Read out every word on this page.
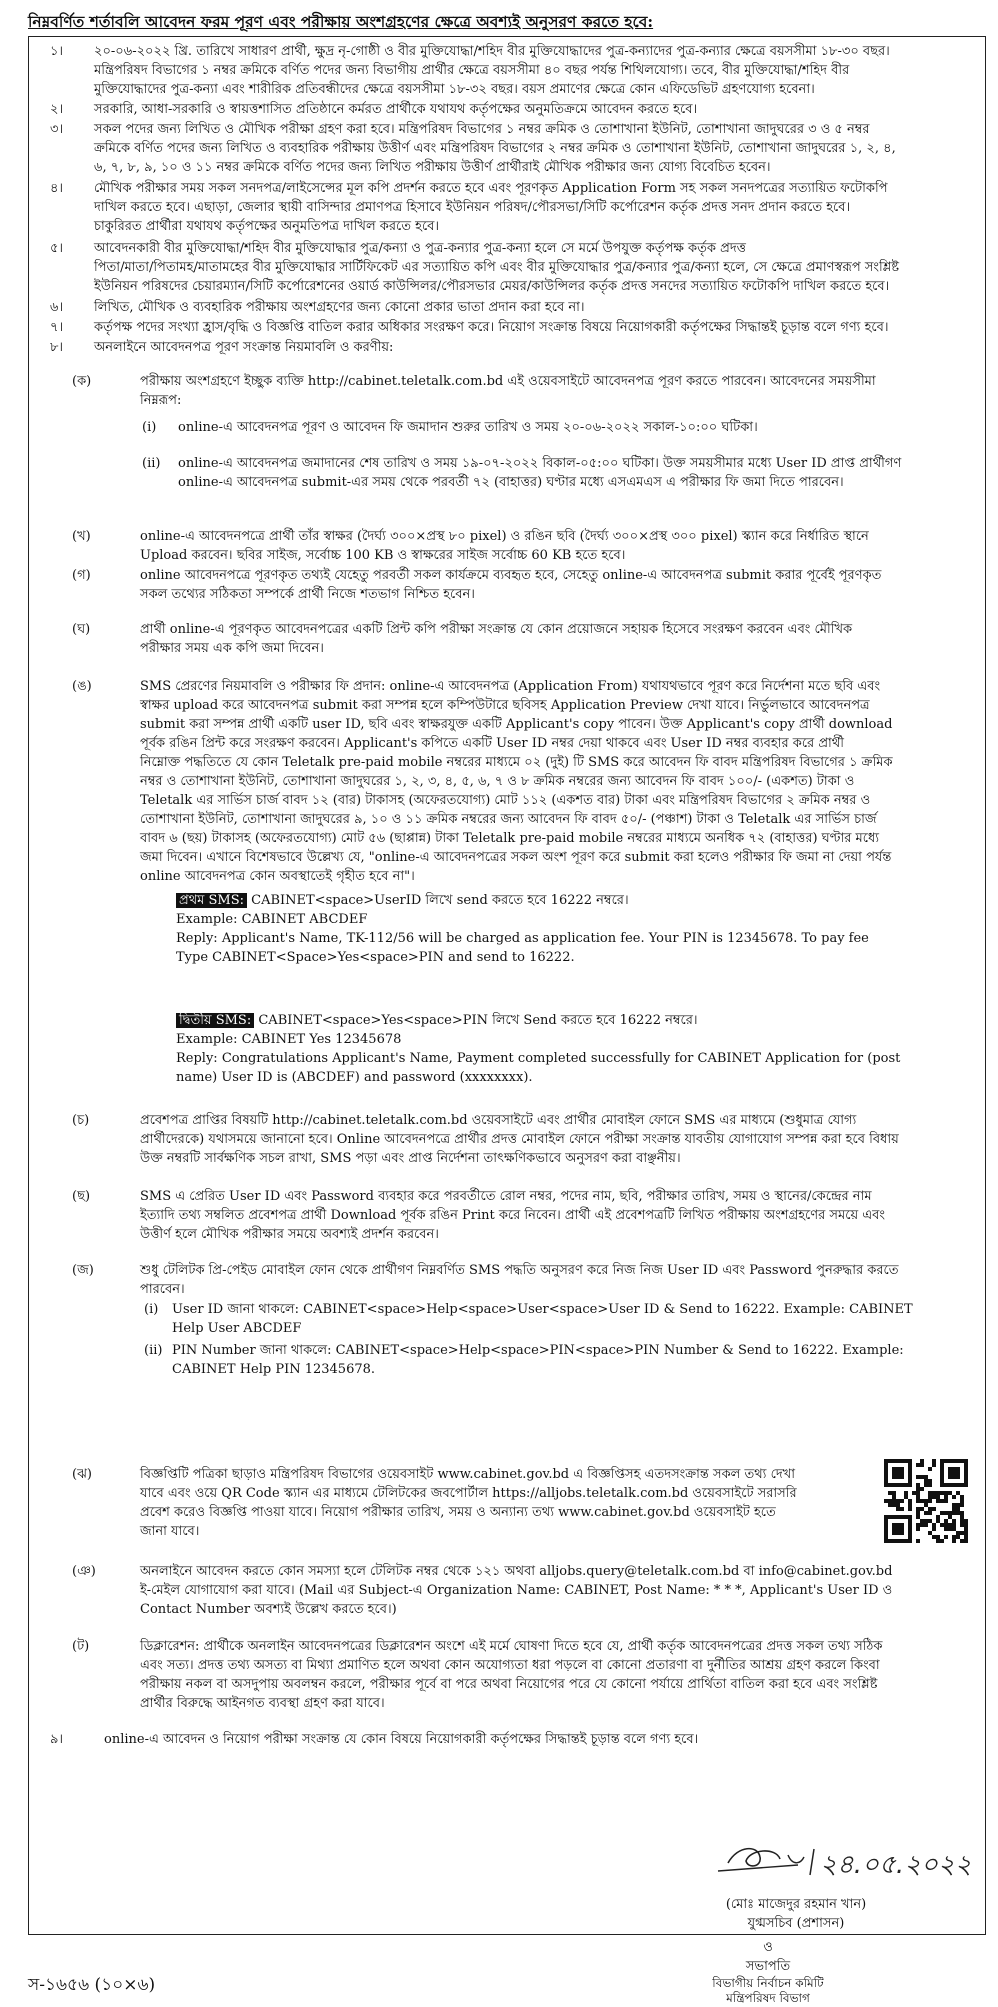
নিম্নবর্ণিত শর্তাবলি আবেদন ফরম পূরণ এবং পরীক্ষায় অংশগ্রহণের ক্ষেত্রে অবশ্যই অনুসরণ করতে হবে:
১। ২০-০৬-২০২২ খ্রি. তারিখে সাধারণ প্রার্থী, ক্ষুদ্র নৃ-গোষ্ঠী ও বীর মুক্তিযোদ্ধা/শহিদ বীর মুক্তিযোদ্ধাদের পুত্র-কন্যাদের পুত্র-কন্যার ক্ষেত্রে বয়সসীমা ১৮-৩০ বছর।
মন্ত্রিপরিষদ বিভাগের ১ নম্বর ক্রমিকে বর্ণিত পদের জন্য বিভাগীয় প্রার্থীর ক্ষেত্রে বয়সসীমা ৪০ বছর পর্যন্ত শিথিলযোগ্য। তবে, বীর মুক্তিযোদ্ধা/শহিদ বীর
মুক্তিযোদ্ধাদের পুত্র-কন্যা এবং শারীরিক প্রতিবন্ধীদের ক্ষেত্রে বয়সসীমা ১৮-৩২ বছর। বয়স প্রমাণের ক্ষেত্রে কোন এফিডেভিট গ্রহণযোগ্য হবেনা।
২। সরকারি, আধা-সরকারি ও স্বায়ত্তশাসিত প্রতিষ্ঠানে কর্মরত প্রার্থীকে যথাযথ কর্তৃপক্ষের অনুমতিক্রমে আবেদন করতে হবে।
৩। সকল পদের জন্য লিখিত ও মৌখিক পরীক্ষা গ্রহণ করা হবে। মন্ত্রিপরিষদ বিভাগের ১ নম্বর ক্রমিক ও তোশাখানা ইউনিট, তোশাখানা জাদুঘরের ৩ ও ৫ নম্বর
ক্রমিকে বর্ণিত পদের জন্য লিখিত ও ব্যবহারিক পরীক্ষায় উত্তীর্ণ এবং মন্ত্রিপরিষদ বিভাগের ২ নম্বর ক্রমিক ও তোশাখানা ইউনিট, তোশাখানা জাদুঘরের ১, ২, ৪,
৬, ৭, ৮, ৯, ১০ ও ১১ নম্বর ক্রমিকে বর্ণিত পদের জন্য লিখিত পরীক্ষায় উত্তীর্ণ প্রার্থীরাই মৌখিক পরীক্ষার জন্য যোগ্য বিবেচিত হবেন।
৪। মৌখিক পরীক্ষার সময় সকল সনদপত্র/লাইসেন্সের মূল কপি প্রদর্শন করতে হবে এবং পূরণকৃত Application Form সহ সকল সনদপত্রের সত্যায়িত ফটোকপি
দাখিল করতে হবে। এছাড়া, জেলার স্থায়ী বাসিন্দার প্রমাণপত্র হিসাবে ইউনিয়ন পরিষদ/পৌরসভা/সিটি কর্পোরেশন কর্তৃক প্রদত্ত সনদ প্রদান করতে হবে।
চাকুরিরত প্রার্থীরা যথাযথ কর্তৃপক্ষের অনুমতিপত্র দাখিল করতে হবে।
৫। আবেদনকারী বীর মুক্তিযোদ্ধা/শহিদ বীর মুক্তিযোদ্ধার পুত্র/কন্যা ও পুত্র-কন্যার পুত্র-কন্যা হলে সে মর্মে উপযুক্ত কর্তৃপক্ষ কর্তৃক প্রদত্ত
পিতা/মাতা/পিতামহ/মাতামহের বীর মুক্তিযোদ্ধার সার্টিফিকেট এর সত্যায়িত কপি এবং বীর মুক্তিযোদ্ধার পুত্র/কন্যার পুত্র/কন্যা হলে, সে ক্ষেত্রে প্রমাণস্বরূপ সংশ্লিষ্ট
ইউনিয়ন পরিষদের চেয়ারম্যান/সিটি কর্পোরেশনের ওয়ার্ড কাউন্সিলর/পৌরসভার মেয়র/কাউন্সিলর কর্তৃক প্রদত্ত সনদের সত্যায়িত ফটোকপি দাখিল করতে হবে।
৬। লিখিত, মৌখিক ও ব্যবহারিক পরীক্ষায় অংশগ্রহণের জন্য কোনো প্রকার ভাতা প্রদান করা হবে না।
৭। কর্তৃপক্ষ পদের সংখ্যা হ্রাস/বৃদ্ধি ও বিজ্ঞপ্তি বাতিল করার অধিকার সংরক্ষণ করে। নিয়োগ সংক্রান্ত বিষয়ে নিয়োগকারী কর্তৃপক্ষের সিদ্ধান্তই চূড়ান্ত বলে গণ্য হবে।
৮। অনলাইনে আবেদনপত্র পূরণ সংক্রান্ত নিয়মাবলি ও করণীয়:
(ক)	পরীক্ষায় অংশগ্রহণে ইচ্ছুক ব্যক্তি http://cabinet.teletalk.com.bd এই ওয়েবসাইটে আবেদনপত্র পূরণ করতে পারবেন। আবেদনের সময়সীমা
নিম্নরূপ:
(i) online-এ আবেদনপত্র পূরণ ও আবেদন ফি জমাদান শুরুর তারিখ ও সময় ২০-০৬-২০২২ সকাল-১০:০০ ঘটিকা।
(ii) online-এ আবেদনপত্র জমাদানের শেষ তারিখ ও সময় ১৯-০৭-২০২২ বিকাল-০৫:০০ ঘটিকা। উক্ত সময়সীমার মধ্যে User ID প্রাপ্ত প্রার্থীগণ
online-এ আবেদনপত্র submit-এর সময় থেকে পরবর্তী ৭২ (বাহাত্তর) ঘণ্টার মধ্যে এসএমএস এ পরীক্ষার ফি জমা দিতে পারবেন।
(খ)	online-এ আবেদনপত্রে প্রার্থী তাঁর স্বাক্ষর (দৈর্ঘ্য ৩০০×প্রস্থ ৮০ pixel) ও রঙিন ছবি (দৈর্ঘ্য ৩০০×প্রস্থ ৩০০ pixel) স্ক্যান করে নির্ধারিত স্থানে
Upload করবেন। ছবির সাইজ, সর্বোচ্চ 100 KB ও স্বাক্ষরের সাইজ সর্বোচ্চ 60 KB হতে হবে।
(গ)	online আবেদনপত্রে পূরণকৃত তথ্যই যেহেতু পরবর্তী সকল কার্যক্রমে ব্যবহৃত হবে, সেহেতু online-এ আবেদনপত্র submit করার পূর্বেই পূরণকৃত
সকল তথ্যের সঠিকতা সম্পর্কে প্রার্থী নিজে শতভাগ নিশ্চিত হবেন।
(ঘ)	প্রার্থী online-এ পূরণকৃত আবেদনপত্রের একটি প্রিন্ট কপি পরীক্ষা সংক্রান্ত যে কোন প্রয়োজনে সহায়ক হিসেবে সংরক্ষণ করবেন এবং মৌখিক
পরীক্ষার সময় এক কপি জমা দিবেন।
(ঙ)	SMS প্রেরণের নিয়মাবলি ও পরীক্ষার ফি প্রদান: online-এ আবেদনপত্র (Application From) যথাযথভাবে পূরণ করে নির্দেশনা মতে ছবি এবং
স্বাক্ষর upload করে আবেদনপত্র submit করা সম্পন্ন হলে কম্পিউটারে ছবিসহ Application Preview দেখা যাবে। নির্ভুলভাবে আবেদনপত্র
submit করা সম্পন্ন প্রার্থী একটি user ID, ছবি এবং স্বাক্ষরযুক্ত একটি Applicant's copy পাবেন। উক্ত Applicant's copy প্রার্থী download
পূর্বক রঙিন প্রিন্ট করে সংরক্ষণ করবেন। Applicant's কপিতে একটি User ID নম্বর দেয়া থাকবে এবং User ID নম্বর ব্যবহার করে প্রার্থী
নিম্নোক্ত পদ্ধতিতে যে কোন Teletalk pre-paid mobile নম্বরের মাধ্যমে ০২ (দুই) টি SMS করে আবেদন ফি বাবদ মন্ত্রিপরিষদ বিভাগের ১ ক্রমিক
নম্বর ও তোশাখানা ইউনিট, তোশাখানা জাদুঘরের ১, ২, ৩, ৪, ৫, ৬, ৭ ও ৮ ক্রমিক নম্বরের জন্য আবেদন ফি বাবদ ১০০/- (একশত) টাকা ও
Teletalk এর সার্ভিস চার্জ বাবদ ১২ (বার) টাকাসহ (অফেরতযোগ্য) মোট ১১২ (একশত বার) টাকা এবং মন্ত্রিপরিষদ বিভাগের ২ ক্রমিক নম্বর ও
তোশাখানা ইউনিট, তোশাখানা জাদুঘরের ৯, ১০ ও ১১ ক্রমিক নম্বরের জন্য আবেদন ফি বাবদ ৫০/- (পঞ্চাশ) টাকা ও Teletalk এর সার্ভিস চার্জ
বাবদ ৬ (ছয়) টাকাসহ (অফেরতযোগ্য) মোট ৫৬ (ছাপ্পান্ন) টাকা Teletalk pre-paid mobile নম্বরের মাধ্যমে অনধিক ৭২ (বাহাত্তর) ঘণ্টার মধ্যে
জমা দিবেন। এখানে বিশেষভাবে উল্লেখ্য যে, "online-এ আবেদনপত্রের সকল অংশ পূরণ করে submit করা হলেও পরীক্ষার ফি জমা না দেয়া পর্যন্ত
online আবেদনপত্র কোন অবস্থাতেই গৃহীত হবে না"।
প্রথম SMS: CABINET<space>UserID লিখে send করতে হবে 16222 নম্বরে।
Example: CABINET ABCDEF
Reply: Applicant's Name, TK-112/56 will be charged as application fee. Your PIN is 12345678. To pay fee
Type CABINET<Space>Yes<space>PIN and send to 16222.
দ্বিতীয় SMS: CABINET<space>Yes<space>PIN লিখে Send করতে হবে 16222 নম্বরে।
Example: CABINET Yes 12345678
Reply: Congratulations Applicant's Name, Payment completed successfully for CABINET Application for (post
name) User ID is (ABCDEF) and password (xxxxxxxx).
(চ)	প্রবেশপত্র প্রাপ্তির বিষয়টি http://cabinet.teletalk.com.bd ওয়েবসাইটে এবং প্রার্থীর মোবাইল ফোনে SMS এর মাধ্যমে (শুধুমাত্র যোগ্য
প্রার্থীদেরকে) যথাসময়ে জানানো হবে। Online আবেদনপত্রে প্রার্থীর প্রদত্ত মোবাইল ফোনে পরীক্ষা সংক্রান্ত যাবতীয় যোগাযোগ সম্পন্ন করা হবে বিধায়
উক্ত নম্বরটি সার্বক্ষণিক সচল রাখা, SMS পড়া এবং প্রাপ্ত নির্দেশনা তাৎক্ষণিকভাবে অনুসরণ করা বাঞ্ছনীয়।
(ছ)	SMS এ প্রেরিত User ID এবং Password ব্যবহার করে পরবর্তীতে রোল নম্বর, পদের নাম, ছবি, পরীক্ষার তারিখ, সময় ও স্থানের/কেন্দ্রের নাম
ইত্যাদি তথ্য সম্বলিত প্রবেশপত্র প্রার্থী Download পূর্বক রঙিন Print করে নিবেন। প্রার্থী এই প্রবেশপত্রটি লিখিত পরীক্ষায় অংশগ্রহণের সময়ে এবং
উত্তীর্ণ হলে মৌখিক পরীক্ষার সময়ে অবশ্যই প্রদর্শন করবেন।
(জ)	শুধু টেলিটক প্রি-পেইড মোবাইল ফোন থেকে প্রার্থীগণ নিম্নবর্ণিত SMS পদ্ধতি অনুসরণ করে নিজ নিজ User ID এবং Password পুনরুদ্ধার করতে
পারবেন।
(i) User ID জানা থাকলে: CABINET<space>Help<space>User<space>User ID & Send to 16222. Example: CABINET
Help User ABCDEF
(ii) PIN Number জানা থাকলে: CABINET<space>Help<space>PIN<space>PIN Number & Send to 16222. Example:
CABINET Help PIN 12345678.
(ঝ)	বিজ্ঞপ্তিটি পত্রিকা ছাড়াও মন্ত্রিপরিষদ বিভাগের ওয়েবসাইট www.cabinet.gov.bd এ বিজ্ঞপ্তিসহ এতদসংক্রান্ত সকল তথ্য দেখা
যাবে এবং ওয়ে QR Code স্ক্যান এর মাধ্যমে টেলিটকের জবপোর্টাল https://alljobs.teletalk.com.bd ওয়েবসাইটে সরাসরি
প্রবেশ করেও বিজ্ঞপ্তি পাওয়া যাবে। নিয়োগ পরীক্ষার তারিখ, সময় ও অন্যান্য তথ্য www.cabinet.gov.bd ওয়েবসাইট হতে
জানা যাবে।
(ঞ)	অনলাইনে আবেদন করতে কোন সমস্যা হলে টেলিটক নম্বর থেকে ১২১ অথবা alljobs.query@teletalk.com.bd বা info@cabinet.gov.bd
ই-মেইল যোগাযোগ করা যাবে। (Mail এর Subject-এ Organization Name: CABINET, Post Name: * * *, Applicant's User ID ও
Contact Number অবশ্যই উল্লেখ করতে হবে।)
(ট)	ডিক্লারেশন: প্রার্থীকে অনলাইন আবেদনপত্রের ডিক্লারেশন অংশে এই মর্মে ঘোষণা দিতে হবে যে, প্রার্থী কর্তৃক আবেদনপত্রের প্রদত্ত সকল তথ্য সঠিক
এবং সত্য। প্রদত্ত তথ্য অসত্য বা মিথ্যা প্রমাণিত হলে অথবা কোন অযোগ্যতা ধরা পড়লে বা কোনো প্রতারণা বা দুর্নীতির আশ্রয় গ্রহণ করলে কিংবা
পরীক্ষায় নকল বা অসদুপায় অবলম্বন করলে, পরীক্ষার পূর্বে বা পরে অথবা নিয়োগের পরে যে কোনো পর্যায়ে প্রার্থিতা বাতিল করা হবে এবং সংশ্লিষ্ট
প্রার্থীর বিরুদ্ধে আইনগত ব্যবস্থা গ্রহণ করা যাবে।
৯।	online-এ আবেদন ও নিয়োগ পরীক্ষা সংক্রান্ত যে কোন বিষয়ে নিয়োগকারী কর্তৃপক্ষের সিদ্ধান্তই চূড়ান্ত বলে গণ্য হবে।
২৪.০৫.২০২২
(মোঃ মাজেদুর রহমান খান)
যুগ্মসচিব (প্রশাসন)
ও
সভাপতি
বিভাগীয় নির্বাচন কমিটি
মন্ত্রিপরিষদ বিভাগ
স-১৬৫৬ (১০×৬)
